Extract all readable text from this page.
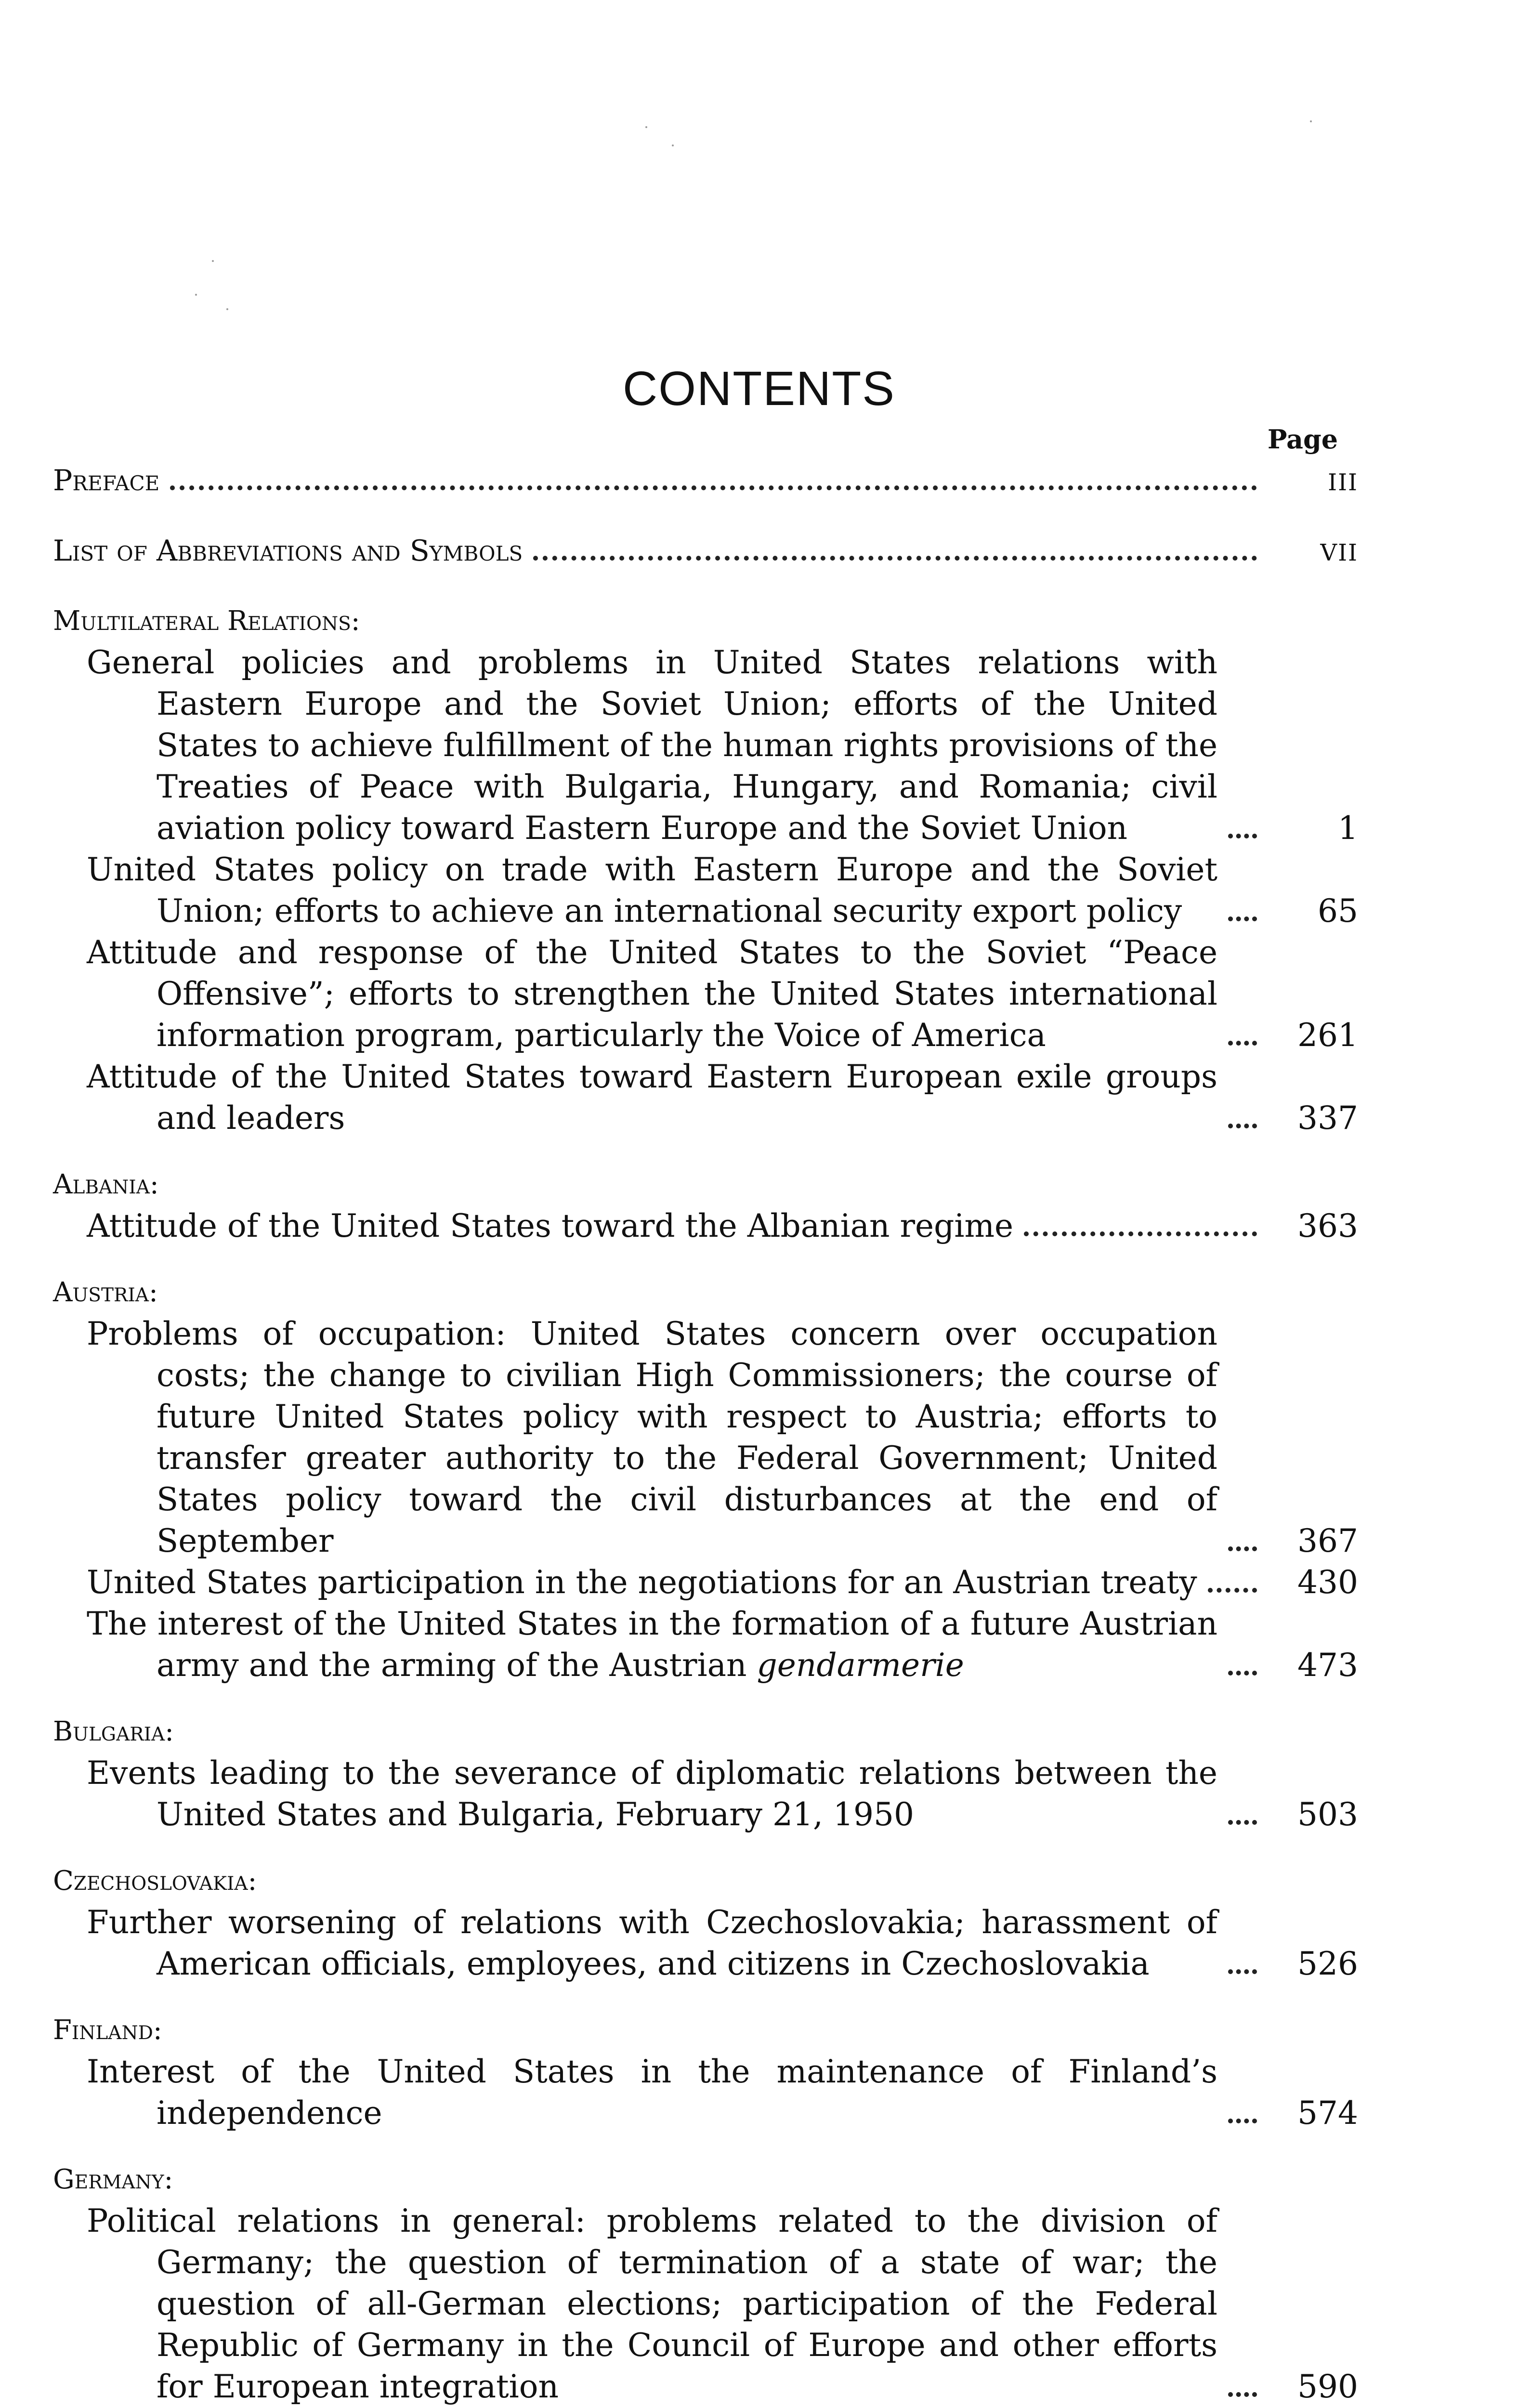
CONTENTS
Page
Preface	III
List of Abbreviations and Symbols	VII
Multilateral Relations:
General policies and problems in United States relations with Eastern Europe and the Soviet Union; efforts of the United States to achieve fulfillment of the human rights provisions of the Treaties of Peace with Bulgaria, Hungary, and Romania; civil aviation policy toward Eastern Europe and the Soviet Union	1
United States policy on trade with Eastern Europe and the Soviet Union; efforts to achieve an international security export policy	65
Attitude and response of the United States to the Soviet “Peace Offensive”; efforts to strengthen the United States international information program, particularly the Voice of America	261
Attitude of the United States toward Eastern European exile groups and leaders	337
Albania:
Attitude of the United States toward the Albanian regime	363
Austria:
Problems of occupation: United States concern over occupation costs; the change to civilian High Commissioners; the course of future United States policy with respect to Austria; efforts to transfer greater authority to the Federal Government; United States policy toward the civil disturbances at the end of September	367
United States participation in the negotiations for an Austrian treaty	430
The interest of the United States in the formation of a future Austrian army and the arming of the Austrian gendarmerie	473
Bulgaria:
Events leading to the severance of diplomatic relations between the United States and Bulgaria, February 21, 1950	503
Czechoslovakia:
Further worsening of relations with Czechoslovakia; harassment of American officials, employees, and citizens in Czechoslovakia	526
Finland:
Interest of the United States in the maintenance of Finland’s independence	574
Germany:
Political relations in general: problems related to the division of Germany; the question of termination of a state of war; the question of all-German elections; participation of the Federal Republic of Germany in the Council of Europe and other efforts for European integration	590
